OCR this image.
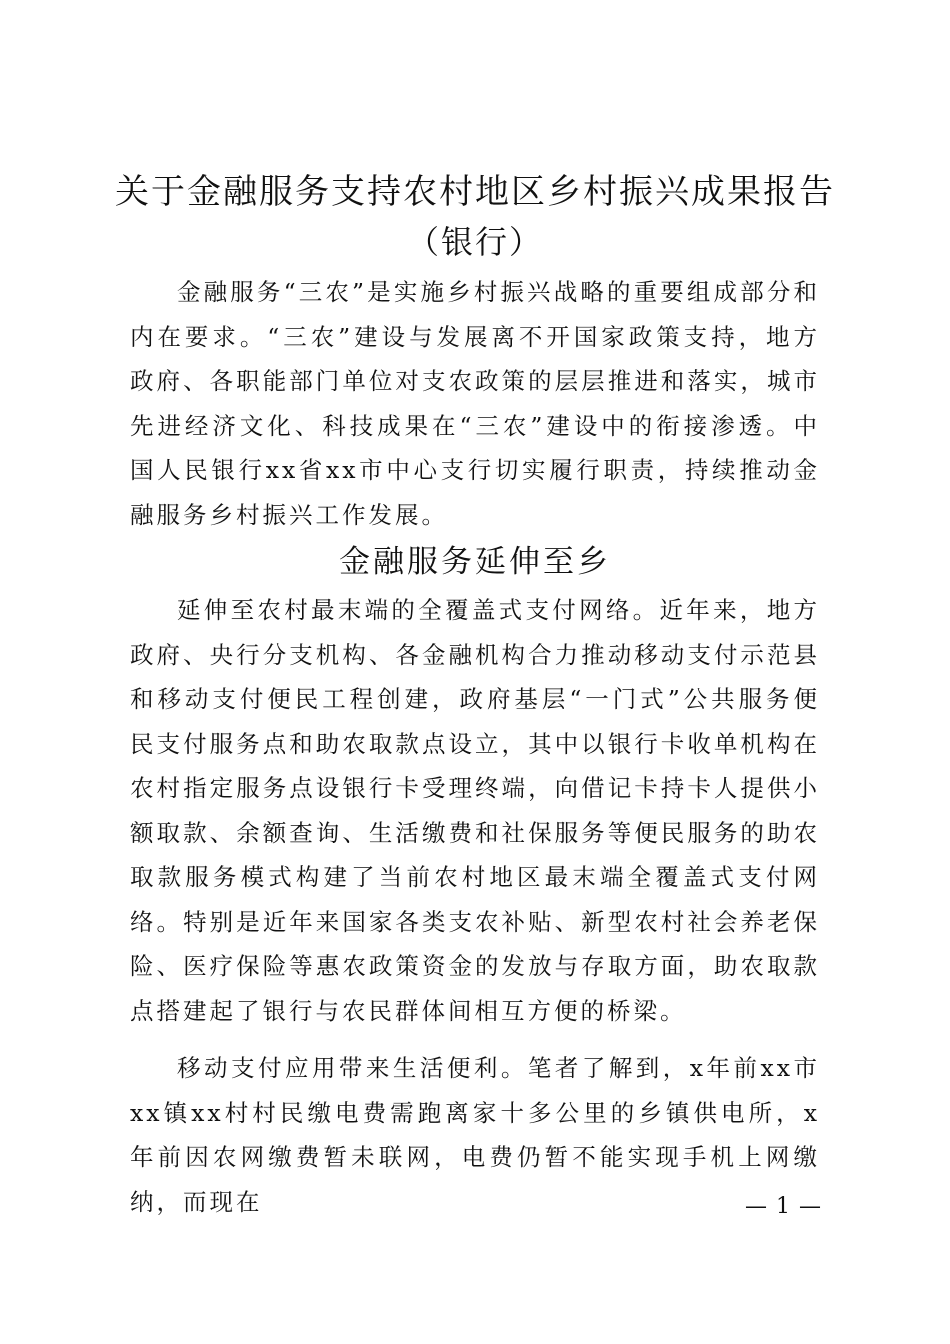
关于金融服务支持农村地区乡村振兴成果报告
（银行）

金融服务“三农”是实施乡村振兴战略的重要组成部分和内在要求。“三农”建设与发展离不开国家政策支持，地方政府、各职能部门单位对支农政策的层层推进和落实，城市先进经济文化、科技成果在“三农”建设中的衔接渗透。中国人民银行xx省xx市中心支行切实履行职责，持续推动金融服务乡村振兴工作发展。

金融服务延伸至乡

延伸至农村最末端的全覆盖式支付网络。近年来，地方政府、央行分支机构、各金融机构合力推动移动支付示范县和移动支付便民工程创建，政府基层“一门式”公共服务便民支付服务点和助农取款点设立，其中以银行卡收单机构在农村指定服务点设银行卡受理终端，向借记卡持卡人提供小额取款、余额查询、生活缴费和社保服务等便民服务的助农取款服务模式构建了当前农村地区最末端全覆盖式支付网络。特别是近年来国家各类支农补贴、新型农村社会养老保险、医疗保险等惠农政策资金的发放与存取方面，助农取款点搭建起了银行与农民群体间相互方便的桥梁。

移动支付应用带来生活便利。笔者了解到，x年前xx市xx镇xx村村民缴电费需跑离家十多公里的乡镇供电所，x年前因农网缴费暂未联网，电费仍暂不能实现手机上网缴纳，而现在	— 1 —
